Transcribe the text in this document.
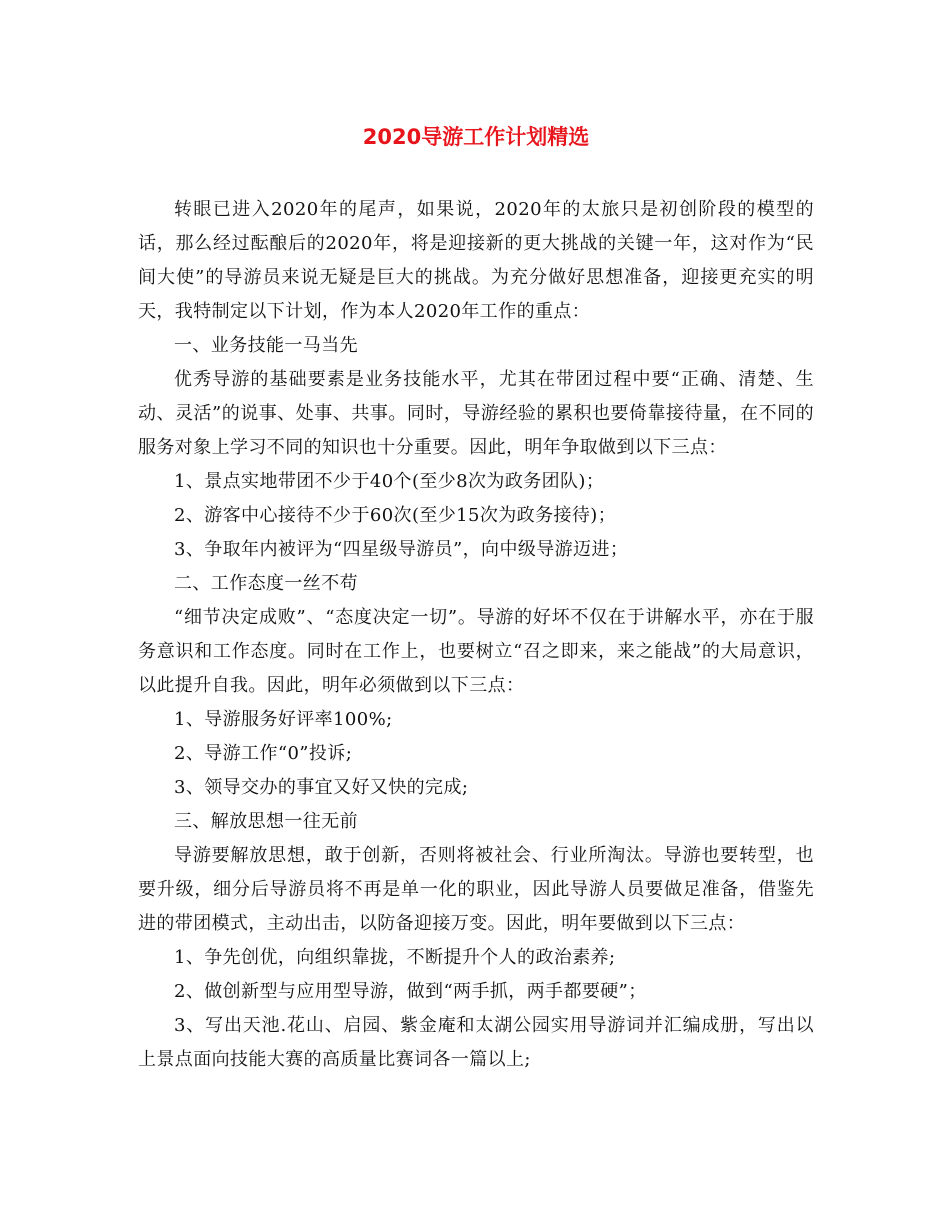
2020导游工作计划精选

转眼已进入2020年的尾声，如果说，2020年的太旅只是初创阶段的模型的话，那么经过酝酿后的2020年，将是迎接新的更大挑战的关键一年，这对作为“民间大使”的导游员来说无疑是巨大的挑战。为充分做好思想准备，迎接更充实的明天，我特制定以下计划，作为本人2020年工作的重点：

一、业务技能一马当先

优秀导游的基础要素是业务技能水平，尤其在带团过程中要“正确、清楚、生动、灵活”的说事、处事、共事。同时，导游经验的累积也要倚靠接待量，在不同的服务对象上学习不同的知识也十分重要。因此，明年争取做到以下三点：

1、景点实地带团不少于40个(至少8次为政务团队)；

2、游客中心接待不少于60次(至少15次为政务接待)；

3、争取年内被评为“四星级导游员”，向中级导游迈进；

二、工作态度一丝不苟

“细节决定成败”、“态度决定一切”。导游的好坏不仅在于讲解水平，亦在于服务意识和工作态度。同时在工作上，也要树立“召之即来，来之能战”的大局意识，以此提升自我。因此，明年必须做到以下三点：

1、导游服务好评率100%;

2、导游工作“0”投诉;

3、领导交办的事宜又好又快的完成;

三、解放思想一往无前

导游要解放思想，敢于创新，否则将被社会、行业所淘汰。导游也要转型，也要升级，细分后导游员将不再是单一化的职业，因此导游人员要做足准备，借鉴先进的带团模式，主动出击，以防备迎接万变。因此，明年要做到以下三点：

1、争先创优，向组织靠拢，不断提升个人的政治素养;

2、做创新型与应用型导游，做到“两手抓，两手都要硬”；

3、写出天池.花山、启园、紫金庵和太湖公园实用导游词并汇编成册，写出以上景点面向技能大赛的高质量比赛词各一篇以上;
